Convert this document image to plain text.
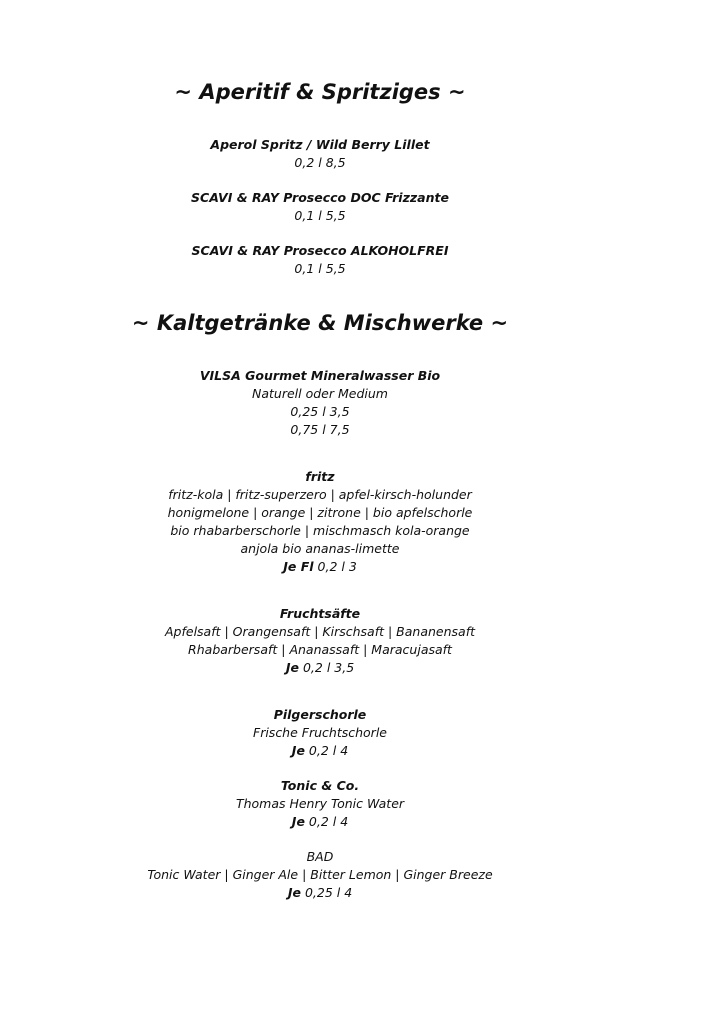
~ Aperitif & Spritziges ~
Aperol Spritz / Wild Berry Lillet
0,2 l 8,5
SCAVI & RAY Prosecco DOC Frizzante
0,1 l 5,5
SCAVI & RAY Prosecco ALKOHOLFREI
0,1 l 5,5
~ Kaltgetränke & Mischwerke ~
VILSA Gourmet Mineralwasser Bio
Naturell oder Medium
0,25 l 3,5
0,75 l 7,5
fritz
fritz-kola | fritz-superzero | apfel-kirsch-holunder
honigmelone | orange | zitrone | bio apfelschorle
bio rhabarberschorle | mischmasch kola-orange
anjola bio ananas-limette
Je Fl 0,2 l 3
Fruchtsäfte
Apfelsaft | Orangensaft | Kirschsaft | Bananensaft
Rhabarbersaft | Ananassaft | Maracujasaft
Je 0,2 l 3,5
Pilgerschorle
Frische Fruchtschorle
Je 0,2 l 4
Tonic & Co.
Thomas Henry Tonic Water
Je 0,2 l 4
BAD
Tonic Water | Ginger Ale | Bitter Lemon | Ginger Breeze
Je 0,25 l 4
